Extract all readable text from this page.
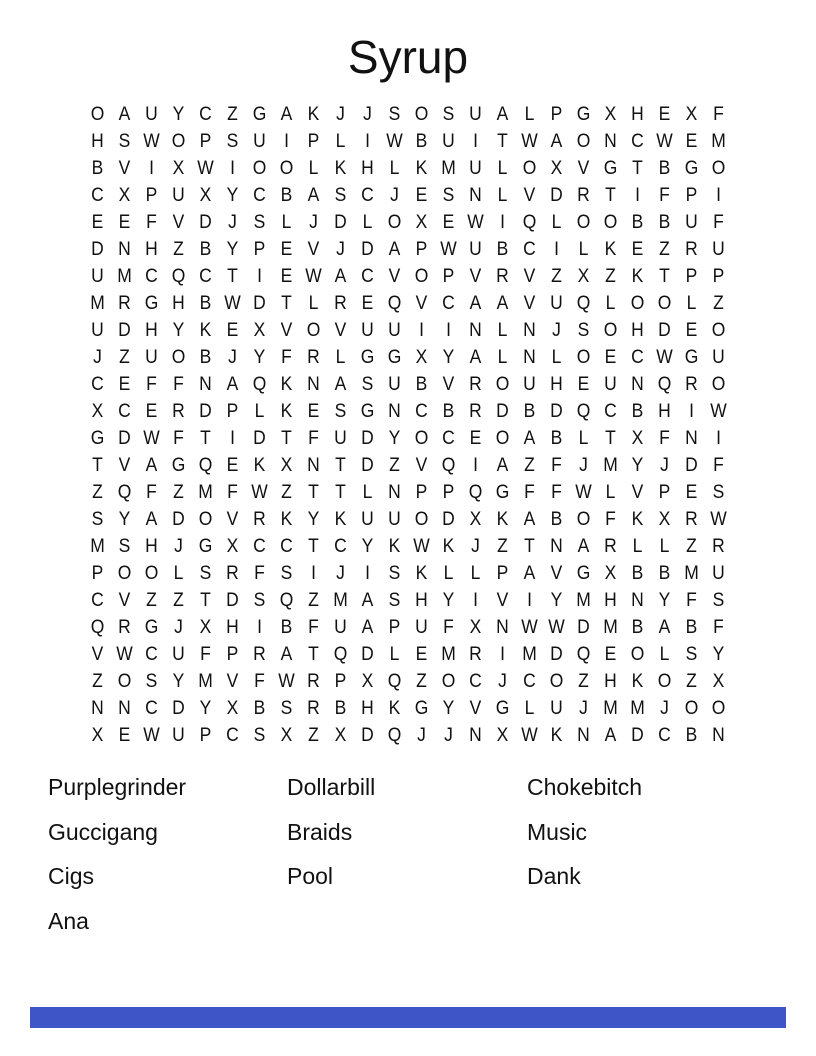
Syrup
O A U Y C Z G A K J J S O S U A L P G X H E X F
H S W O P S U I P L	I W B U I	T W A O N C W E M
B V I X W I O O L K H L K M U L O X V G T B G O
C X P U X Y C B A S C J E S N L V D R T	I	F P I
E E F V D J S L J D L O X E W I Q L O O B B U F
D N H Z B Y P E V J D A P W U B C I	L K E Z R U
U M C Q C T	I E W A C V O P V R V Z X Z K T P P
M R G H B W D T L R E Q V C A A V U Q L O O L Z
U D H Y K E X V O V U U I	I N L N J S O H D E O
J Z U O B J Y F R L G G X Y A L N L O E C W G U
C E F F N A Q K N A S U B V R O U H E U N Q R O
X C E R D P L K E S G N C B R D B D Q C B H I W
G D W F T	I D T F U D Y O C E O A B L T X F N I
T V A G Q E K X N T D Z V Q I A Z F J M Y J D F
Z Q F Z M F W Z T T L N P P Q G F F W L V P E S
S Y A D O V R K Y K U U O D X K A B O F K X R W
M S H J G X C C T C Y K W K J Z T N A R L L Z R
P O O L S R F S I	J	I S K L L P A V G X B B M U
C V Z Z T D S Q Z M A S H Y I V I Y M H N Y F S
Q R G J X H I B F U A P U F X N W W D M B A B F
V W C U F P R A T Q D L E M R I M D Q E O L S Y
Z O S Y M V F W R P X Q Z O C J C O Z H K O Z X
N N C D Y X B S R B H K G Y V G L U J M M J O O
X E W U P C S X Z X D Q J J N X W K N A D C B N
Purplegrinder
Guccigang
Cigs
Ana
Dollarbill
Braids
Pool
Chokebitch
Music
Dank
